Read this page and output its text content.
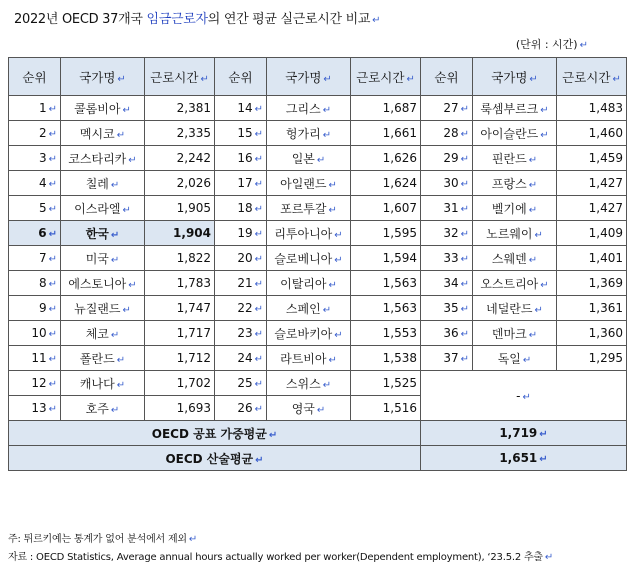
2022년 OECD 37개국 임금근로자의 연간 평균 실근로시간 비교 ↵
(단위 : 시간) ↵
순위	국가명 ↵	근로시간 ↵	순위	국가명 ↵	근로시간 ↵	순위	국가명 ↵	근로시간 ↵
1 ↵	콜롬비아 ↵	2,381	14 ↵	그리스 ↵	1,687	27 ↵	룩셈부르크 ↵	1,483
2 ↵	멕시코 ↵	2,335	15 ↵	헝가리 ↵	1,661	28 ↵	아이슬란드 ↵	1,460
3 ↵	코스타리카 ↵	2,242	16 ↵	일본 ↵	1,626	29 ↵	핀란드 ↵	1,459
4 ↵	칠레 ↵	2,026	17 ↵	아일랜드 ↵	1,624	30 ↵	프랑스 ↵	1,427
5 ↵	이스라엘 ↵	1,905	18 ↵	포르투갈 ↵	1,607	31 ↵	벨기에 ↵	1,427
6 ↵	한국 ↵	1,904	19 ↵	리투아니아 ↵	1,595	32 ↵	노르웨이 ↵	1,409
7 ↵	미국 ↵	1,822	20 ↵	슬로베니아 ↵	1,594	33 ↵	스웨덴 ↵	1,401
8 ↵	에스토니아 ↵	1,783	21 ↵	이탈리아 ↵	1,563	34 ↵	오스트리아 ↵	1,369
9 ↵	뉴질랜드 ↵	1,747	22 ↵	스페인 ↵	1,563	35 ↵	네덜란드 ↵	1,361
10 ↵	체코 ↵	1,717	23 ↵	슬로바키아 ↵	1,553	36 ↵	덴마크 ↵	1,360
11 ↵	폴란드 ↵	1,712	24 ↵	라트비아 ↵	1,538	37 ↵	독일 ↵	1,295
12 ↵	캐나다 ↵	1,702	25 ↵	스위스 ↵	1,525	- ↵		
13 ↵	호주 ↵	1,693	26 ↵	영국 ↵	1,516			
OECD 공표 가중평균 ↵						1,719 ↵		
OECD 산술평균 ↵						1,651 ↵		
주: 튀르키예는 통계가 없어 분석에서 제외 ↵
자료 : OECD Statistics, Average annual hours actually worked per worker(Dependent employment), ‘23.5.2 추출 ↵
